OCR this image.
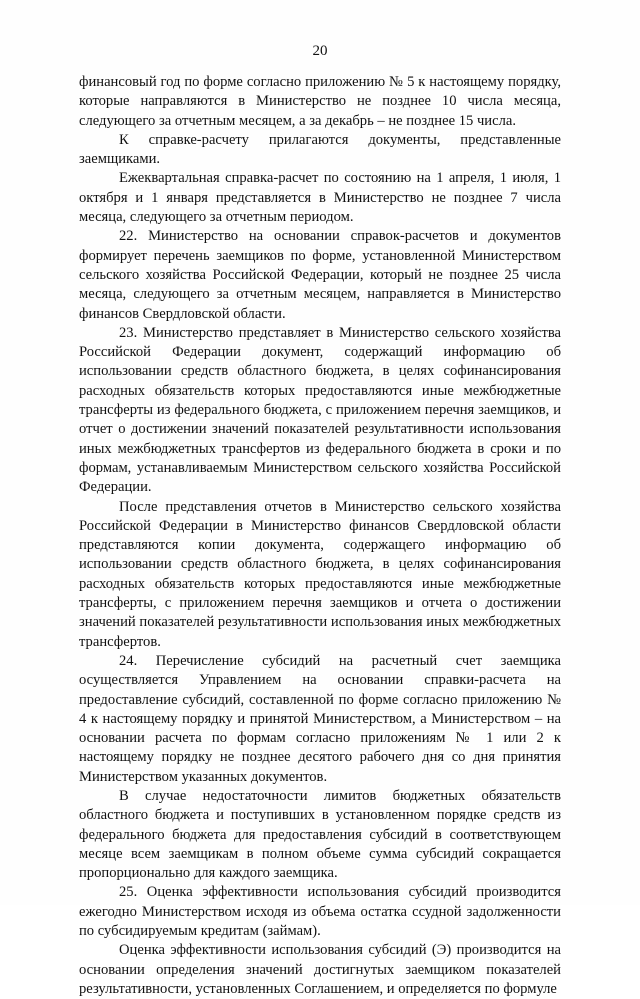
20

финансовый год по форме согласно приложению № 5 к настоящему порядку, которые направляются в Министерство не позднее 10 числа месяца, следующего за отчетным месяцем, а за декабрь – не позднее 15 числа.

К справке-расчету прилагаются документы, представленные заемщиками.

Ежеквартальная справка-расчет по состоянию на 1 апреля, 1 июля, 1 октября и 1 января представляется в Министерство не позднее 7 числа месяца, следующего за отчетным периодом.

22. Министерство на основании справок-расчетов и документов формирует перечень заемщиков по форме, установленной Министерством сельского хозяйства Российской Федерации, который не позднее 25 числа месяца, следующего за отчетным месяцем, направляется в Министерство финансов Свердловской области.

23. Министерство представляет в Министерство сельского хозяйства Российской Федерации документ, содержащий информацию об использовании средств областного бюджета, в целях софинансирования расходных обязательств которых предоставляются иные межбюджетные трансферты из федерального бюджета, с приложением перечня заемщиков, и отчет о достижении значений показателей результативности использования иных межбюджетных трансфертов из федерального бюджета в сроки и по формам, устанавливаемым Министерством сельского хозяйства Российской Федерации.

После представления отчетов в Министерство сельского хозяйства Российской Федерации в Министерство финансов Свердловской области представляются копии документа, содержащего информацию об использовании средств областного бюджета, в целях софинансирования расходных обязательств которых предоставляются иные межбюджетные трансферты, с приложением перечня заемщиков и отчета о достижении значений показателей результативности использования иных межбюджетных трансфертов.

24. Перечисление субсидий на расчетный счет заемщика осуществляется Управлением на основании справки-расчета на предоставление субсидий, составленной по форме согласно приложению № 4 к настоящему порядку и принятой Министерством, а Министерством – на основании расчета по формам согласно приложениям № 1 или 2 к настоящему порядку не позднее десятого рабочего дня со дня принятия Министерством указанных документов.

В случае недостаточности лимитов бюджетных обязательств областного бюджета и поступивших в установленном порядке средств из федерального бюджета для предоставления субсидий в соответствующем месяце всем заемщикам в полном объеме сумма субсидий сокращается пропорционально для каждого заемщика.

25. Оценка эффективности использования субсидий производится ежегодно Министерством исходя из объема остатка ссудной задолженности по субсидируемым кредитам (займам).

Оценка эффективности использования субсидий (Э) производится на основании определения значений достигнутых заемщиком показателей результативности, установленных Соглашением, и определяется по формуле
